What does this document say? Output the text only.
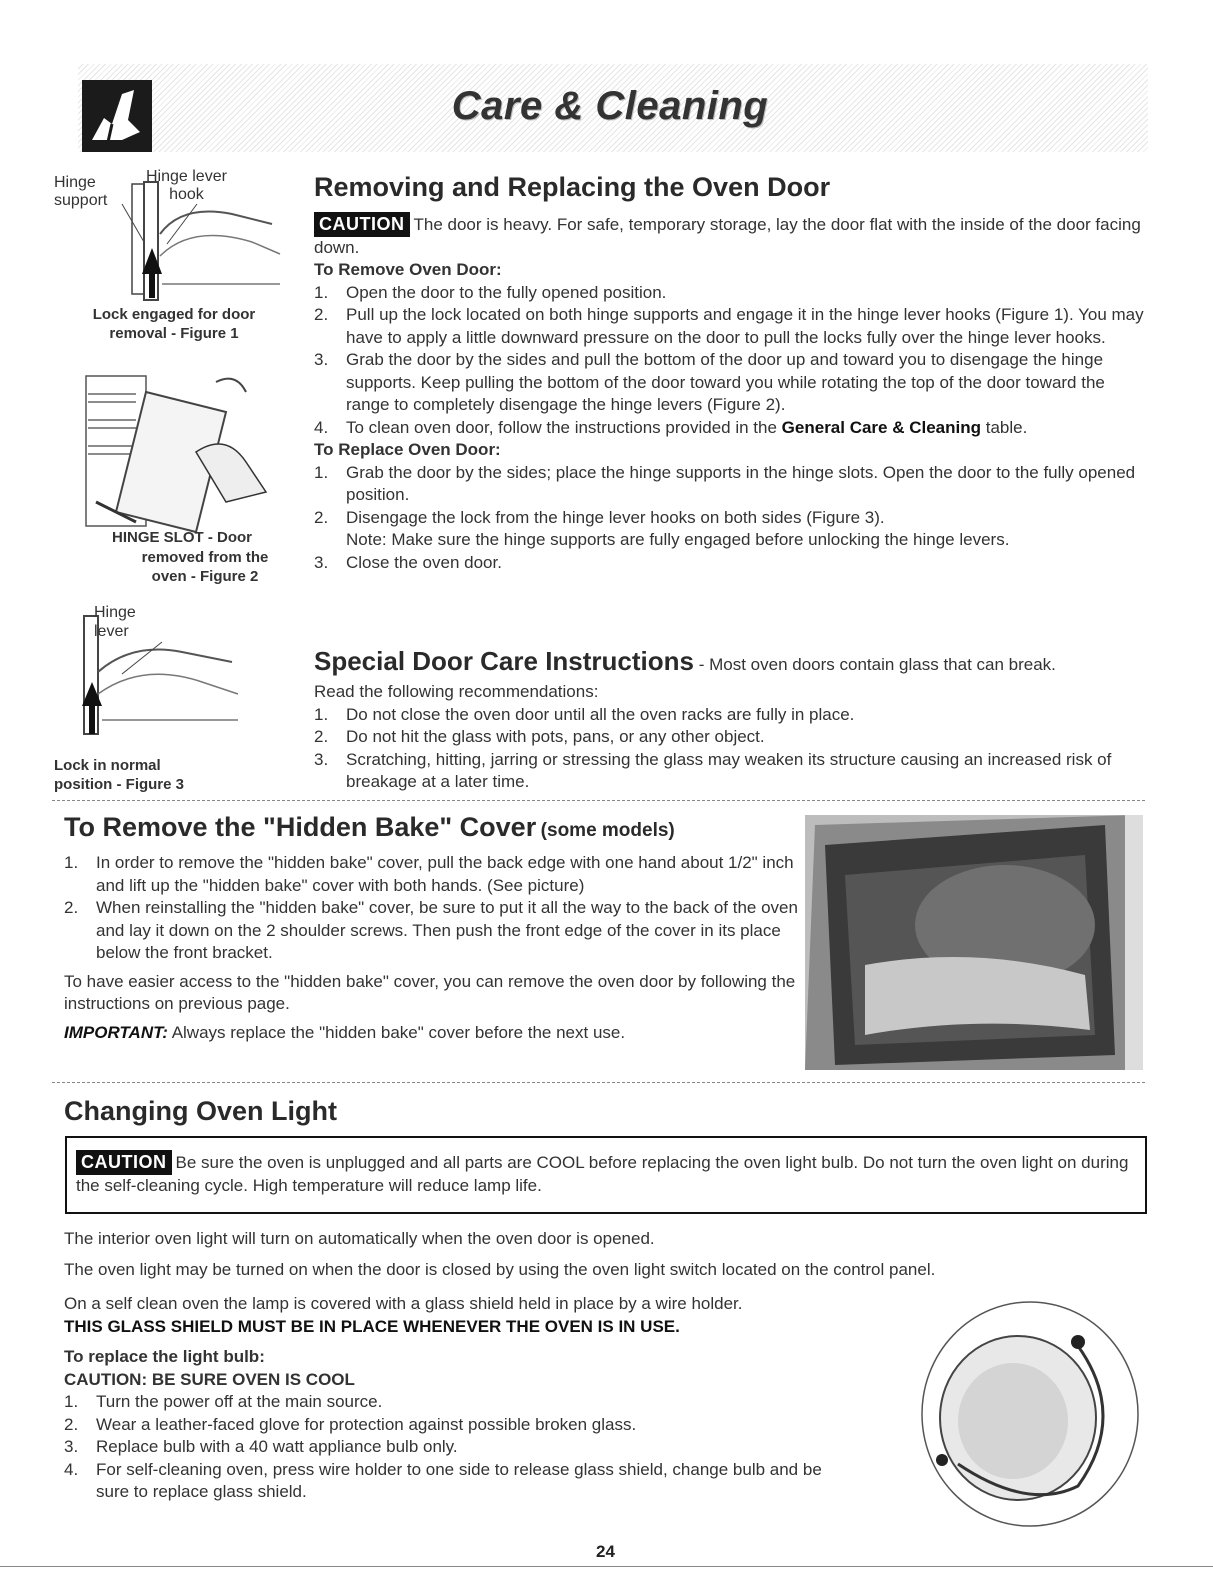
Care & Cleaning
Hinge
support
Hinge lever
hook
Lock engaged for door
removal - Figure 1
HINGE SLOT - Door
removed from the
oven - Figure 2
Hinge
lever
Lock in normal
position - Figure 3
Removing and Replacing the Oven Door
CAUTION The door is heavy. For safe, temporary storage, lay the door flat with the inside of the door facing down.
To Remove Oven Door:
1. Open the door to the fully opened position.
2. Pull up the lock located on both hinge supports and engage it in the hinge lever hooks (Figure 1). You may have to apply a little downward pressure on the door to pull the locks fully over the hinge lever hooks.
3. Grab the door by the sides and pull the bottom of the door up and toward you to disengage the hinge supports. Keep pulling the bottom of the door toward you while rotating the top of the door toward the range to completely disengage the hinge levers (Figure 2).
4. To clean oven door, follow the instructions provided in the General Care & Cleaning table.
To Replace Oven Door:
1. Grab the door by the sides; place the hinge supports in the hinge slots. Open the door to the fully opened position.
2. Disengage the lock from the hinge lever hooks on both sides (Figure 3).
Note: Make sure the hinge supports are fully engaged before unlocking the hinge levers.
3. Close the oven door.
Special Door Care Instructions - Most oven doors contain glass that can break.
Read the following recommendations:
1. Do not close the oven door until all the oven racks are fully in place.
2. Do not hit the glass with pots, pans, or any other object.
3. Scratching, hitting, jarring or stressing the glass may weaken its structure causing an increased risk of breakage at a later time.
To Remove the "Hidden Bake" Cover (some models)
1. In order to remove the "hidden bake" cover, pull the back edge with one hand about 1/2" inch and lift up the "hidden bake" cover with both hands. (See picture)
2. When reinstalling the "hidden bake" cover, be sure to put it all the way to the back of the oven and lay it down on the 2 shoulder screws. Then push the front edge of the cover in its place below the front bracket.
To have easier access to the "hidden bake" cover, you can remove the oven door by following the instructions on previous page.
IMPORTANT: Always replace the "hidden bake" cover before the next use.
Changing Oven Light
CAUTION Be sure the oven is unplugged and all parts are COOL before replacing the oven light bulb. Do not turn the oven light on during the self-cleaning cycle. High temperature will reduce lamp life.
The interior oven light will turn on automatically when the oven door is opened.
The oven light may be turned on when the door is closed by using the oven light switch located on the control panel.
On a self clean oven the lamp is covered with a glass shield held in place by a wire holder.
THIS GLASS SHIELD MUST BE IN PLACE WHENEVER THE OVEN IS IN USE.
To replace the light bulb:
CAUTION: BE SURE OVEN IS COOL
1. Turn the power off at the main source.
2. Wear a leather-faced glove for protection against possible broken glass.
3. Replace bulb with a 40 watt appliance bulb only.
4. For self-cleaning oven, press wire holder to one side to release glass shield, change bulb and be sure to replace glass shield.
24
